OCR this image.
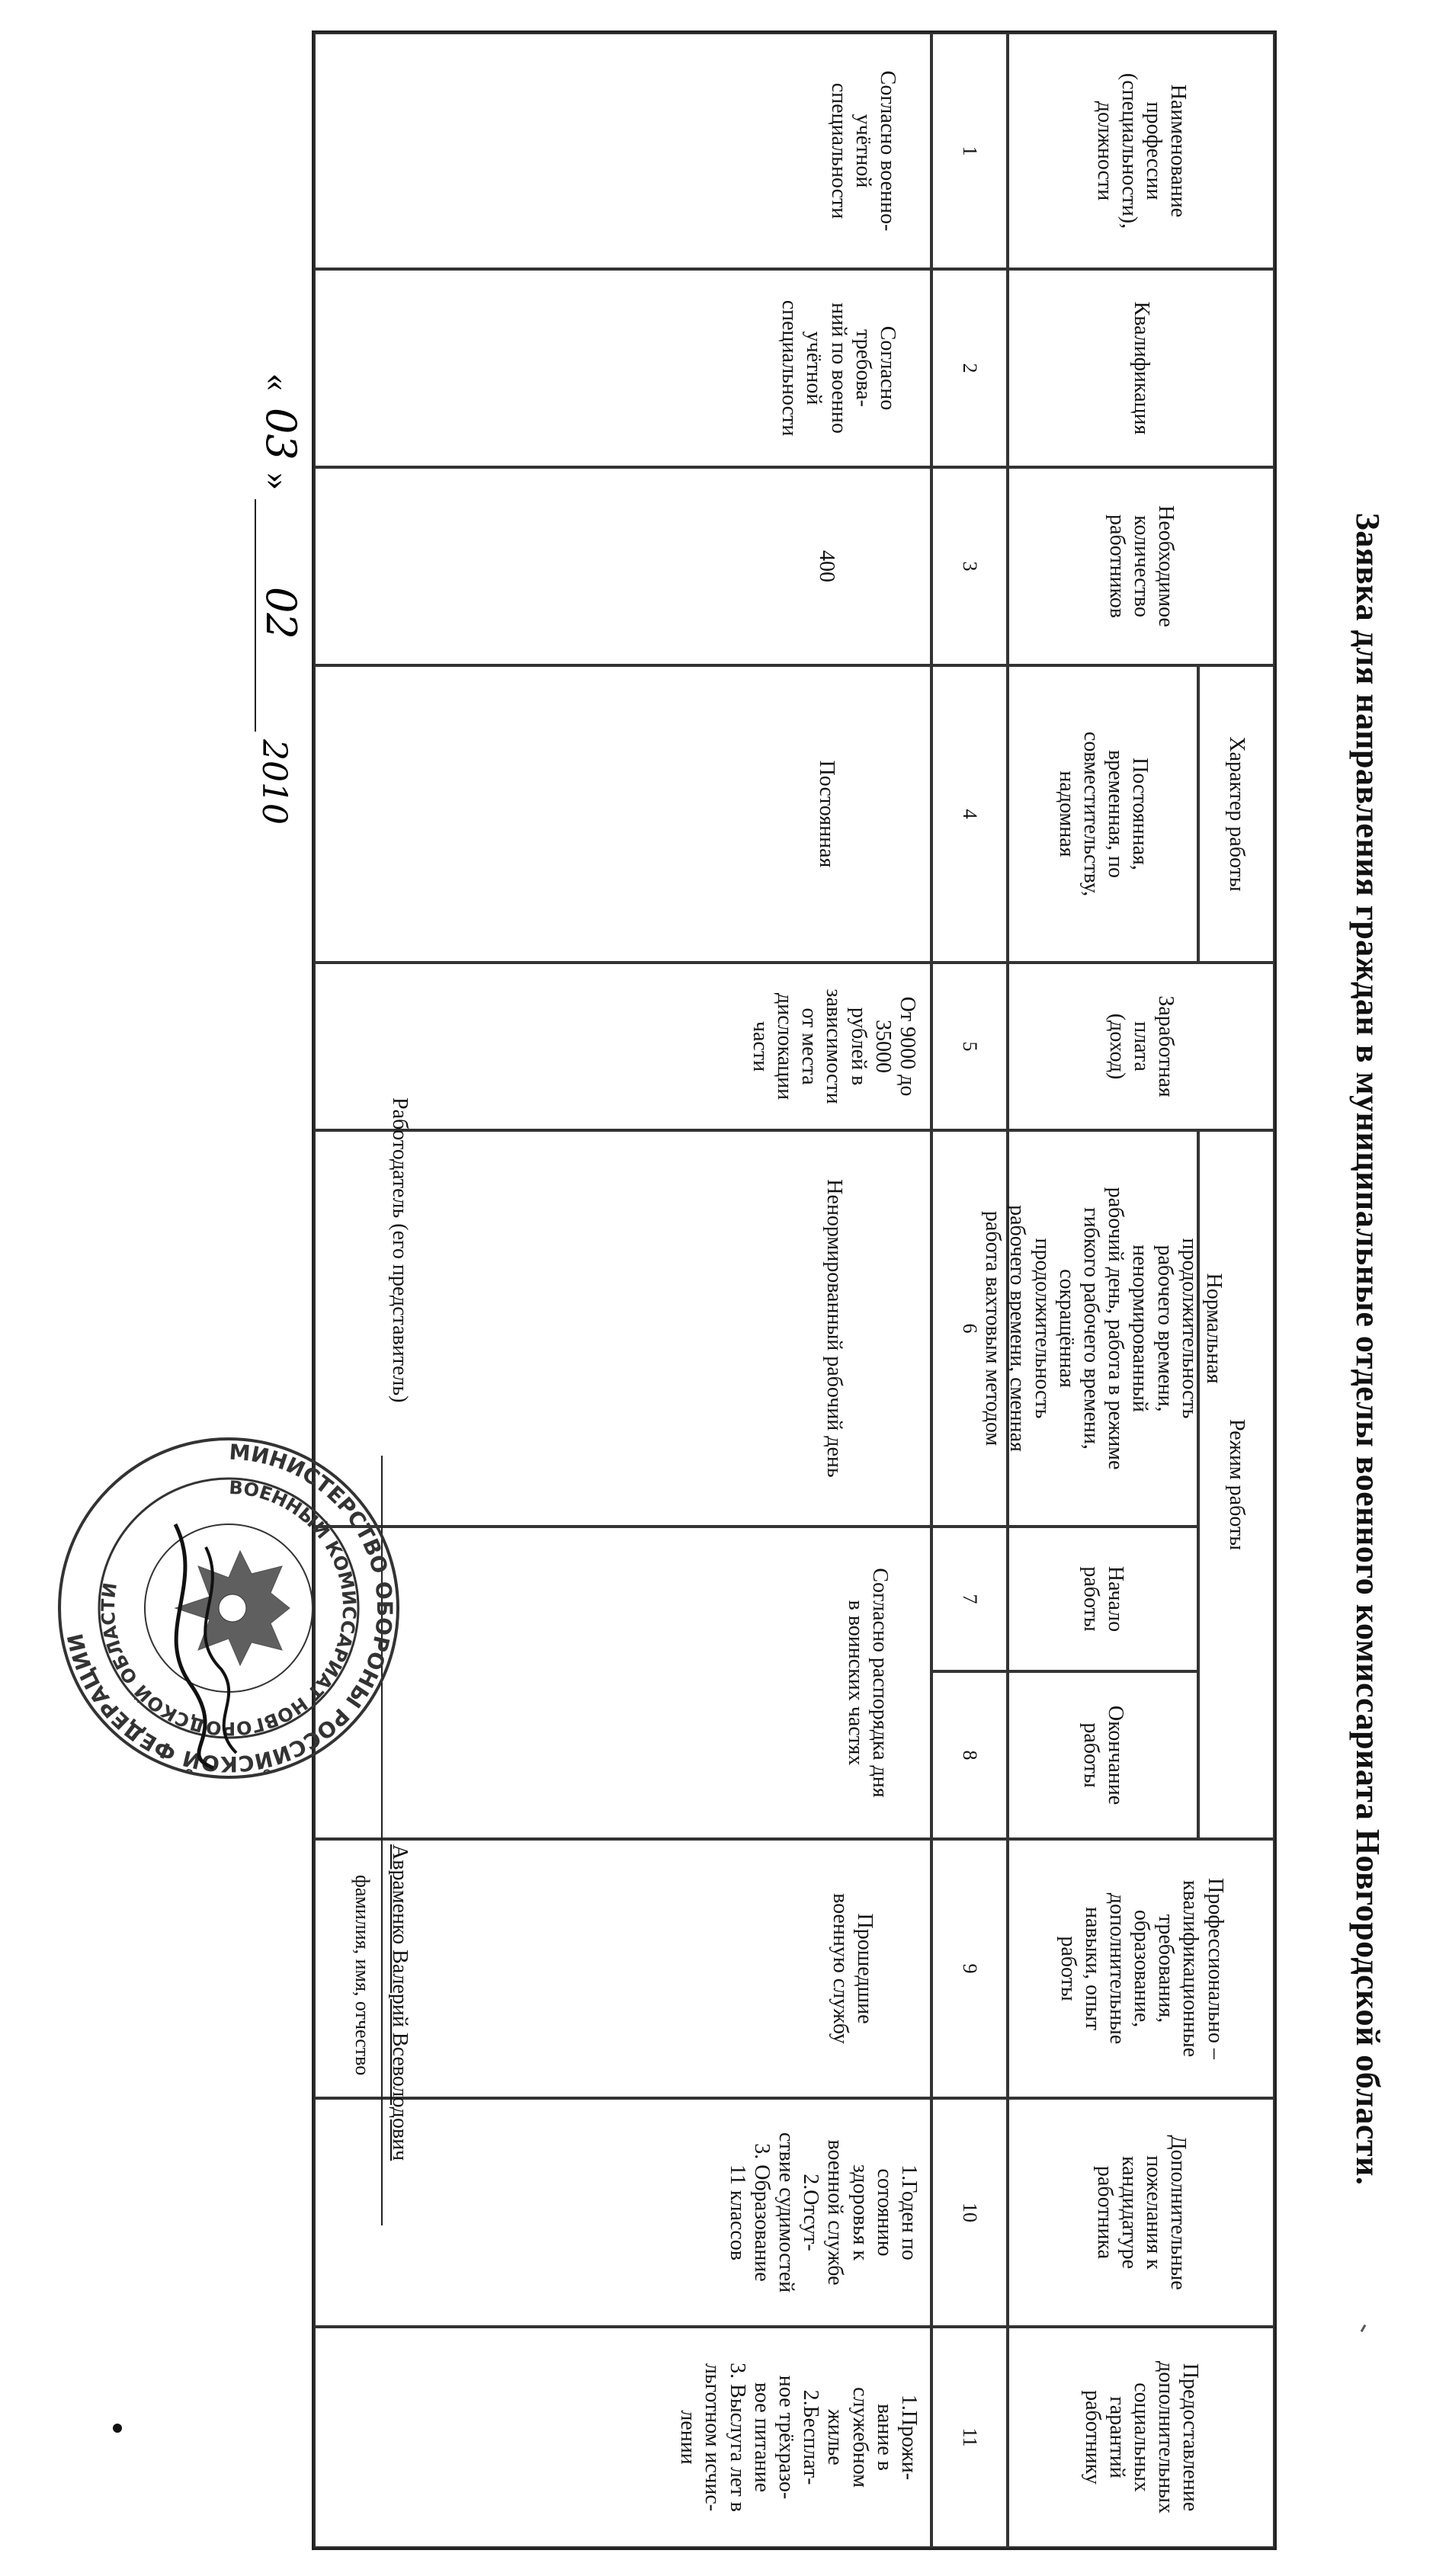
Заявка для направления граждан в муниципальные отделы военного комиссариата Новгородской области.
Наименование
профессии
(специальности),
должности
Квалификация
Необходимое
количество
работников
Характер работы
Заработная
плата
(доход)
Режим работы
Профессионально –
квалификационные
требования,
образование,
дополнительные
навыки, опыт
работы
Дополнительные
пожелания к
кандидатуре
работника
Предоставление
дополнительных
социальных
гарантий
работнику
Постоянная,
временная, по
совместительству,
надомная
Нормальная
продолжительность
рабочего времени,
ненормированный
рабочий день, работа в режиме
гибкого рабочего времени,
сокращённая
продолжительность
рабочего времени, сменная
работа вахтовым методом
Начало
работы
Окончание
работы
1
2
3
4
5
6
7
8
9
10
11
Согласно военно-
учётной
специальности
Согласно
требова-
ний по военно
учётной
специальности
400
Постоянная
От 9000 до
35000
рублей в
зависимости
от места
дислокации
части
Ненормированный рабочий день
Согласно распорядка дня
в воинских частях
Прошедшие
военную службу
1.Годен по
сотоянию
здоровья к
военной службе
2.Отсут-
ствие судимостей
3. Образование
11 классов
1.Прожи-
вание в
служебном
жилье
2.Бесплат-
ное трёхразо-
вое питание
3. Выслуга лет в
льготном исчис-
лении
Работодатель (его представитель)
Авраменко Валерий Всеволодович
фамилия, имя, отчество
«
03
»
02
2010
МИНИСТЕРСТВО ОБОРОНЫ РОССИЙСКОЙ ФЕДЕРАЦИИ
ВОЕННЫЙ КОМИССАРИАТ НОВГОРОДСКОЙ ОБЛАСТИ
